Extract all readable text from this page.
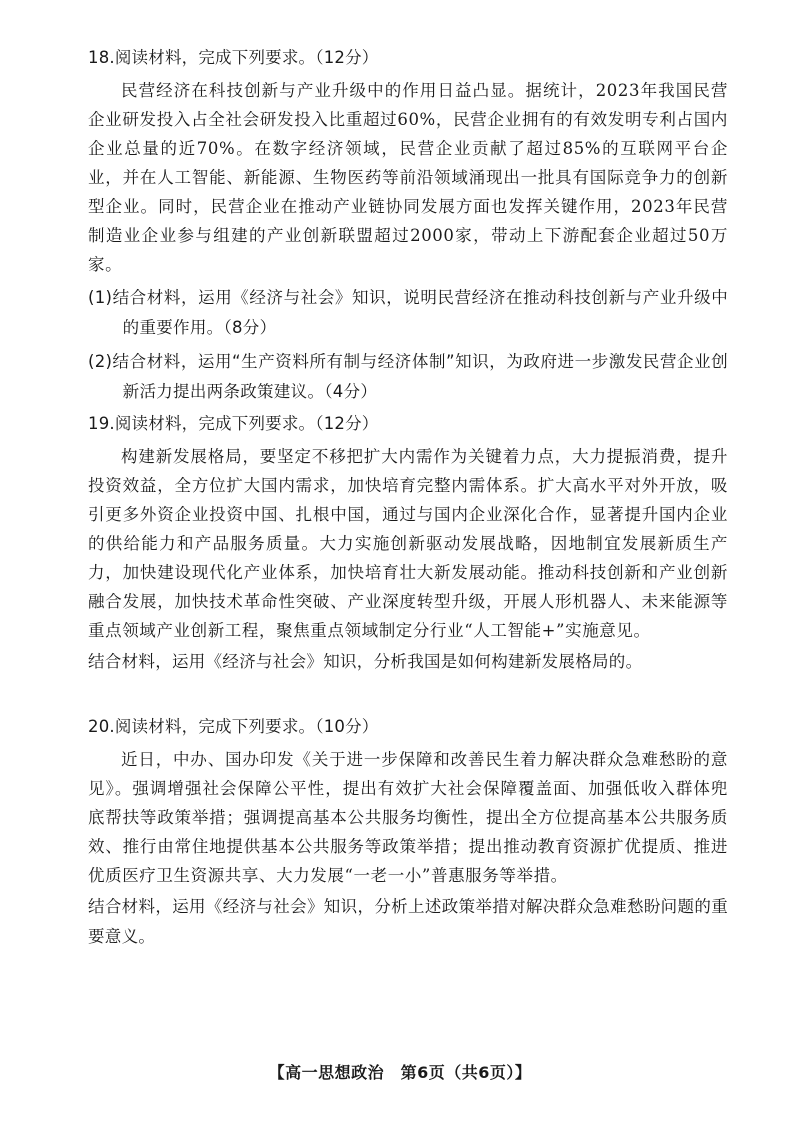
18.阅读材料，完成下列要求。（12分）

民营经济在科技创新与产业升级中的作用日益凸显。据统计，2023年我国民营企业研发投入占全社会研发投入比重超过60%，民营企业拥有的有效发明专利占国内企业总量的近70%。在数字经济领域，民营企业贡献了超过85%的互联网平台企业，并在人工智能、新能源、生物医药等前沿领域涌现出一批具有国际竞争力的创新型企业。同时，民营企业在推动产业链协同发展方面也发挥关键作用，2023年民营制造业企业参与组建的产业创新联盟超过2000家，带动上下游配套企业超过50万家。

(1)结合材料，运用《经济与社会》知识，说明民营经济在推动科技创新与产业升级中的重要作用。（8分）

(2)结合材料，运用“生产资料所有制与经济体制”知识，为政府进一步激发民营企业创新活力提出两条政策建议。（4分）

19.阅读材料，完成下列要求。（12分）

构建新发展格局，要坚定不移把扩大内需作为关键着力点，大力提振消费，提升投资效益，全方位扩大国内需求，加快培育完整内需体系。扩大高水平对外开放，吸引更多外资企业投资中国、扎根中国，通过与国内企业深化合作，显著提升国内企业的供给能力和产品服务质量。大力实施创新驱动发展战略，因地制宜发展新质生产力，加快建设现代化产业体系，加快培育壮大新发展动能。推动科技创新和产业创新融合发展，加快技术革命性突破、产业深度转型升级，开展人形机器人、未来能源等重点领域产业创新工程，聚焦重点领域制定分行业“人工智能+”实施意见。

结合材料，运用《经济与社会》知识，分析我国是如何构建新发展格局的。

20.阅读材料，完成下列要求。（10分）

近日，中办、国办印发《关于进一步保障和改善民生着力解决群众急难愁盼的意见》。强调增强社会保障公平性，提出有效扩大社会保障覆盖面、加强低收入群体兜底帮扶等政策举措；强调提高基本公共服务均衡性，提出全方位提高基本公共服务质效、推行由常住地提供基本公共服务等政策举措；提出推动教育资源扩优提质、推进优质医疗卫生资源共享、大力发展“一老一小”普惠服务等举措。

结合材料，运用《经济与社会》知识，分析上述政策举措对解决群众急难愁盼问题的重要意义。

【高一思想政治　第6页（共6页）】
